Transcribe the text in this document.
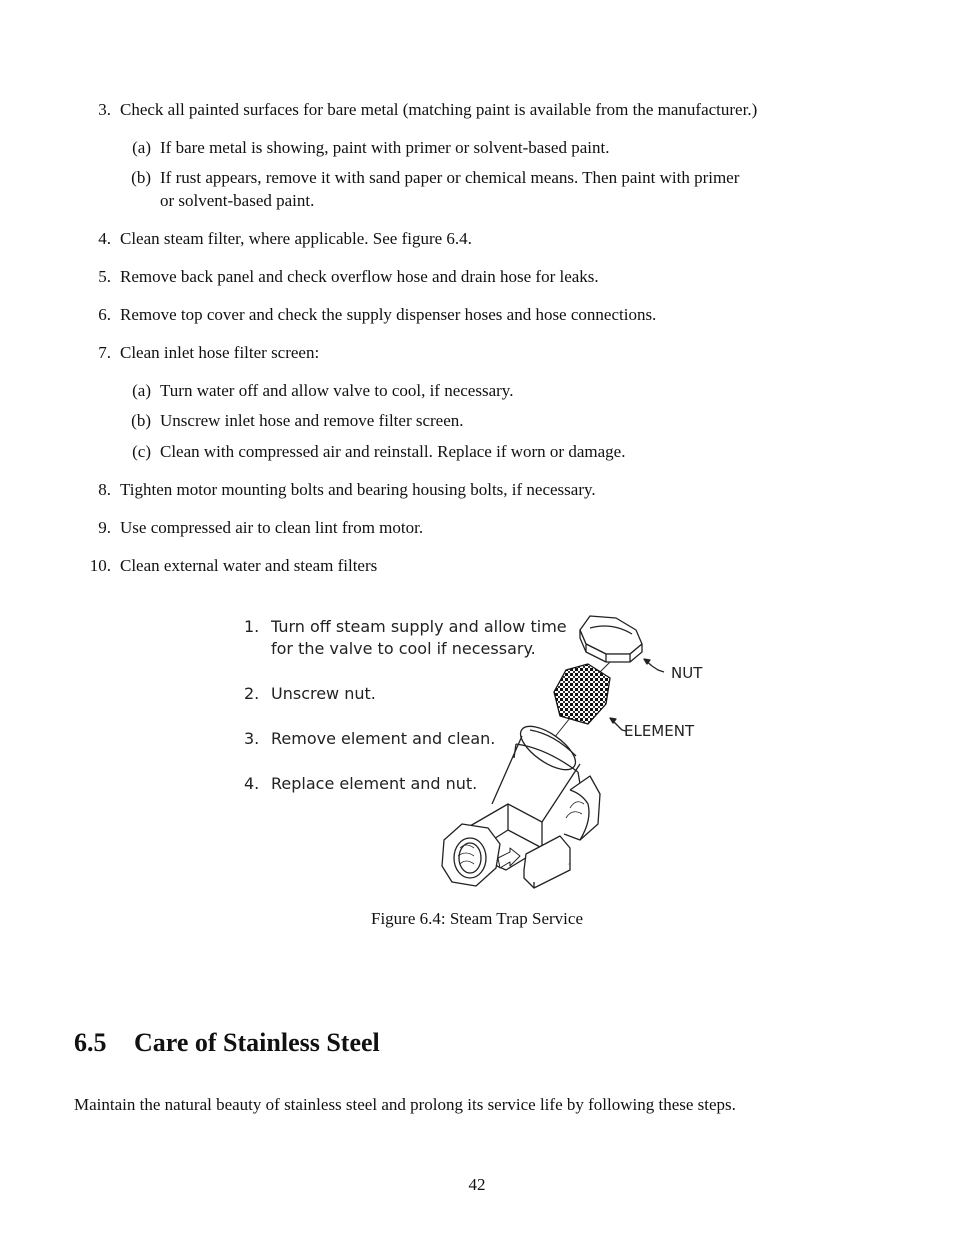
3. Check all painted surfaces for bare metal (matching paint is available from the manufacturer.)
(a) If bare metal is showing, paint with primer or solvent-based paint.
(b) If rust appears, remove it with sand paper or chemical means. Then paint with primer
or solvent-based paint.
4. Clean steam filter, where applicable. See figure 6.4.
5. Remove back panel and check overflow hose and drain hose for leaks.
6. Remove top cover and check the supply dispenser hoses and hose connections.
7. Clean inlet hose filter screen:
(a) Turn water off and allow valve to cool, if necessary.
(b) Unscrew inlet hose and remove filter screen.
(c) Clean with compressed air and reinstall. Replace if worn or damage.
8. Tighten motor mounting bolts and bearing housing bolts, if necessary.
9. Use compressed air to clean lint from motor.
10. Clean external water and steam filters
1. Turn off steam supply and allow time
for the valve to cool if necessary.
2. Unscrew nut.
3. Remove element and clean.
4. Replace element and nut.
NUT
ELEMENT
Figure 6.4: Steam Trap Service
6.5 Care of Stainless Steel
Maintain the natural beauty of stainless steel and prolong its service life by following these steps.
42
